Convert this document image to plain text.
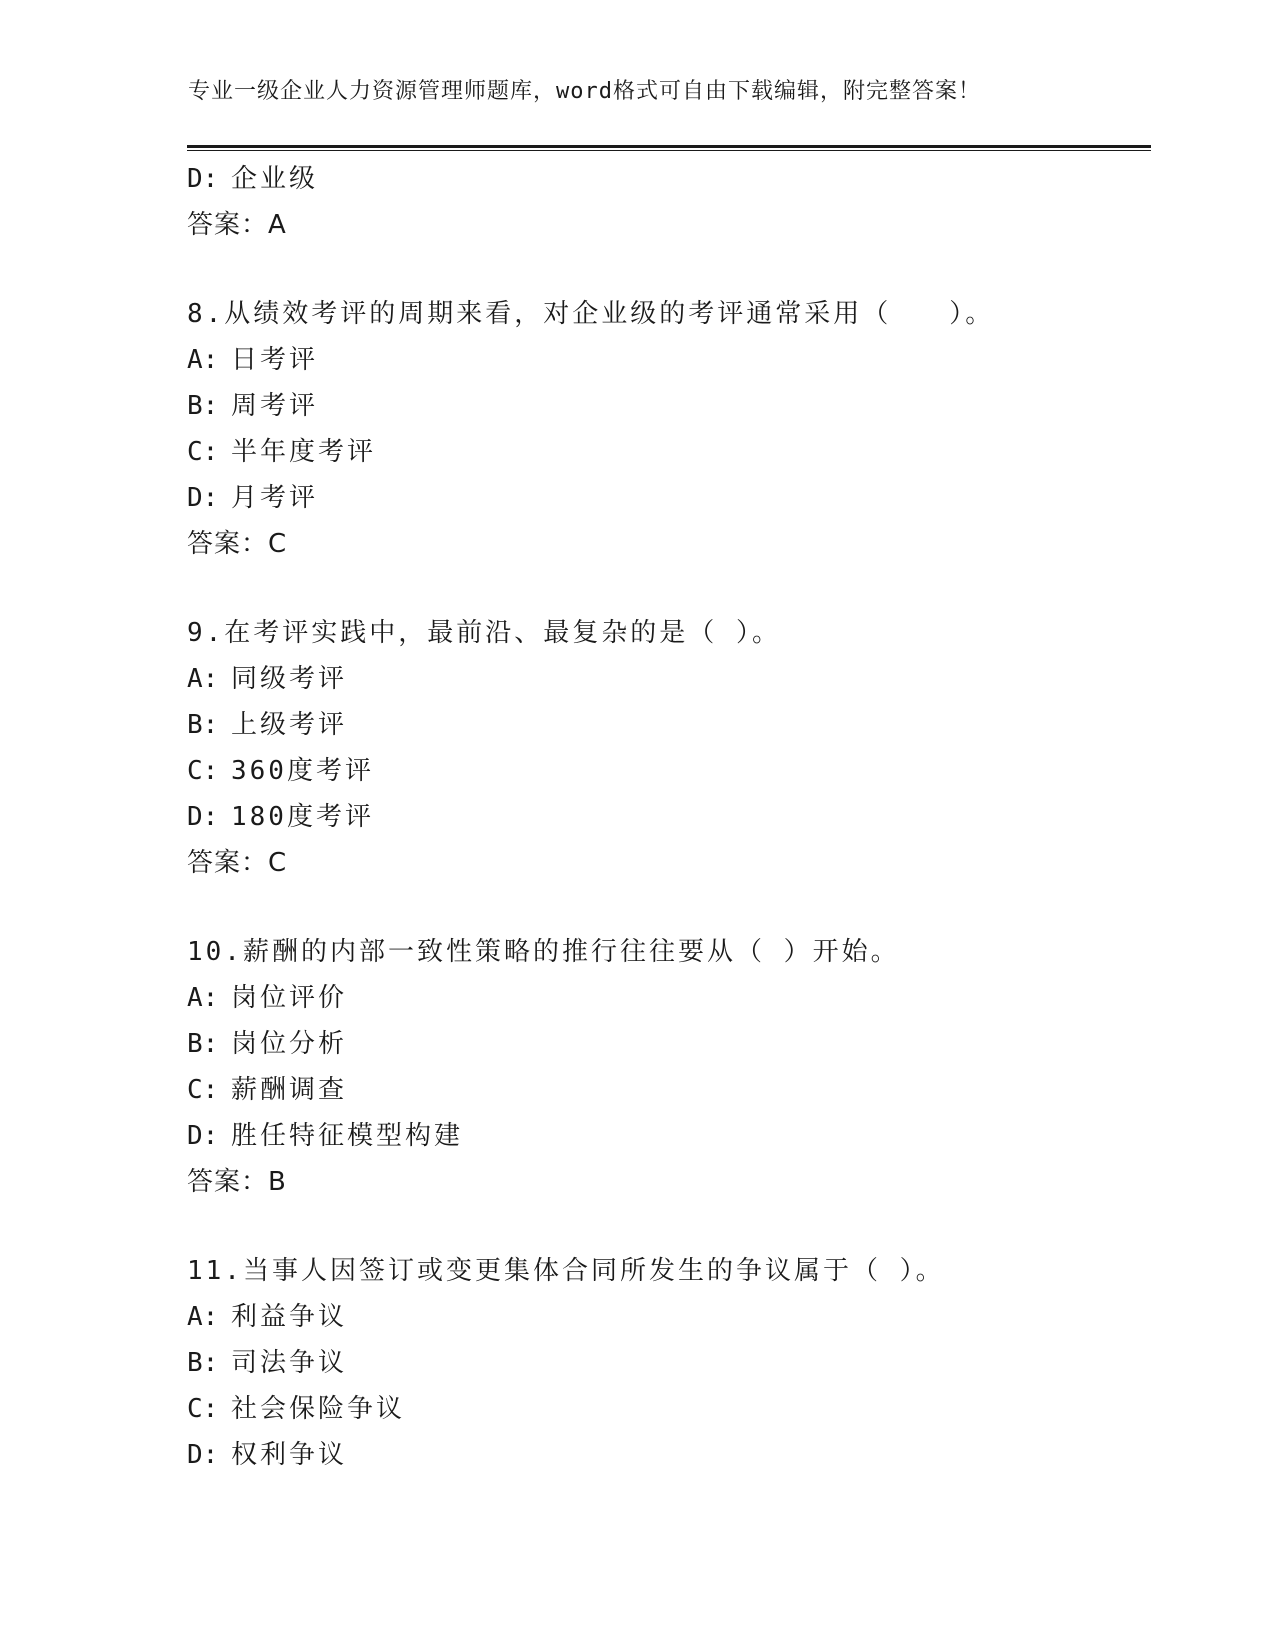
专业一级企业人力资源管理师题库，word格式可自由下载编辑，附完整答案！
D: 企业级
答案：A
8.从绩效考评的周期来看，对企业级的考评通常采用（　　）。
A: 日考评
B: 周考评
C: 半年度考评
D: 月考评
答案：C
9.在考评实践中，最前沿、最复杂的是（ ）。
A: 同级考评
B: 上级考评
C: 360度考评
D: 180度考评
答案：C
10.薪酬的内部一致性策略的推行往往要从（ ）开始。
A: 岗位评价
B: 岗位分析
C: 薪酬调查
D: 胜任特征模型构建
答案：B
11.当事人因签订或变更集体合同所发生的争议属于（ ）。
A: 利益争议
B: 司法争议
C: 社会保险争议
D: 权利争议
